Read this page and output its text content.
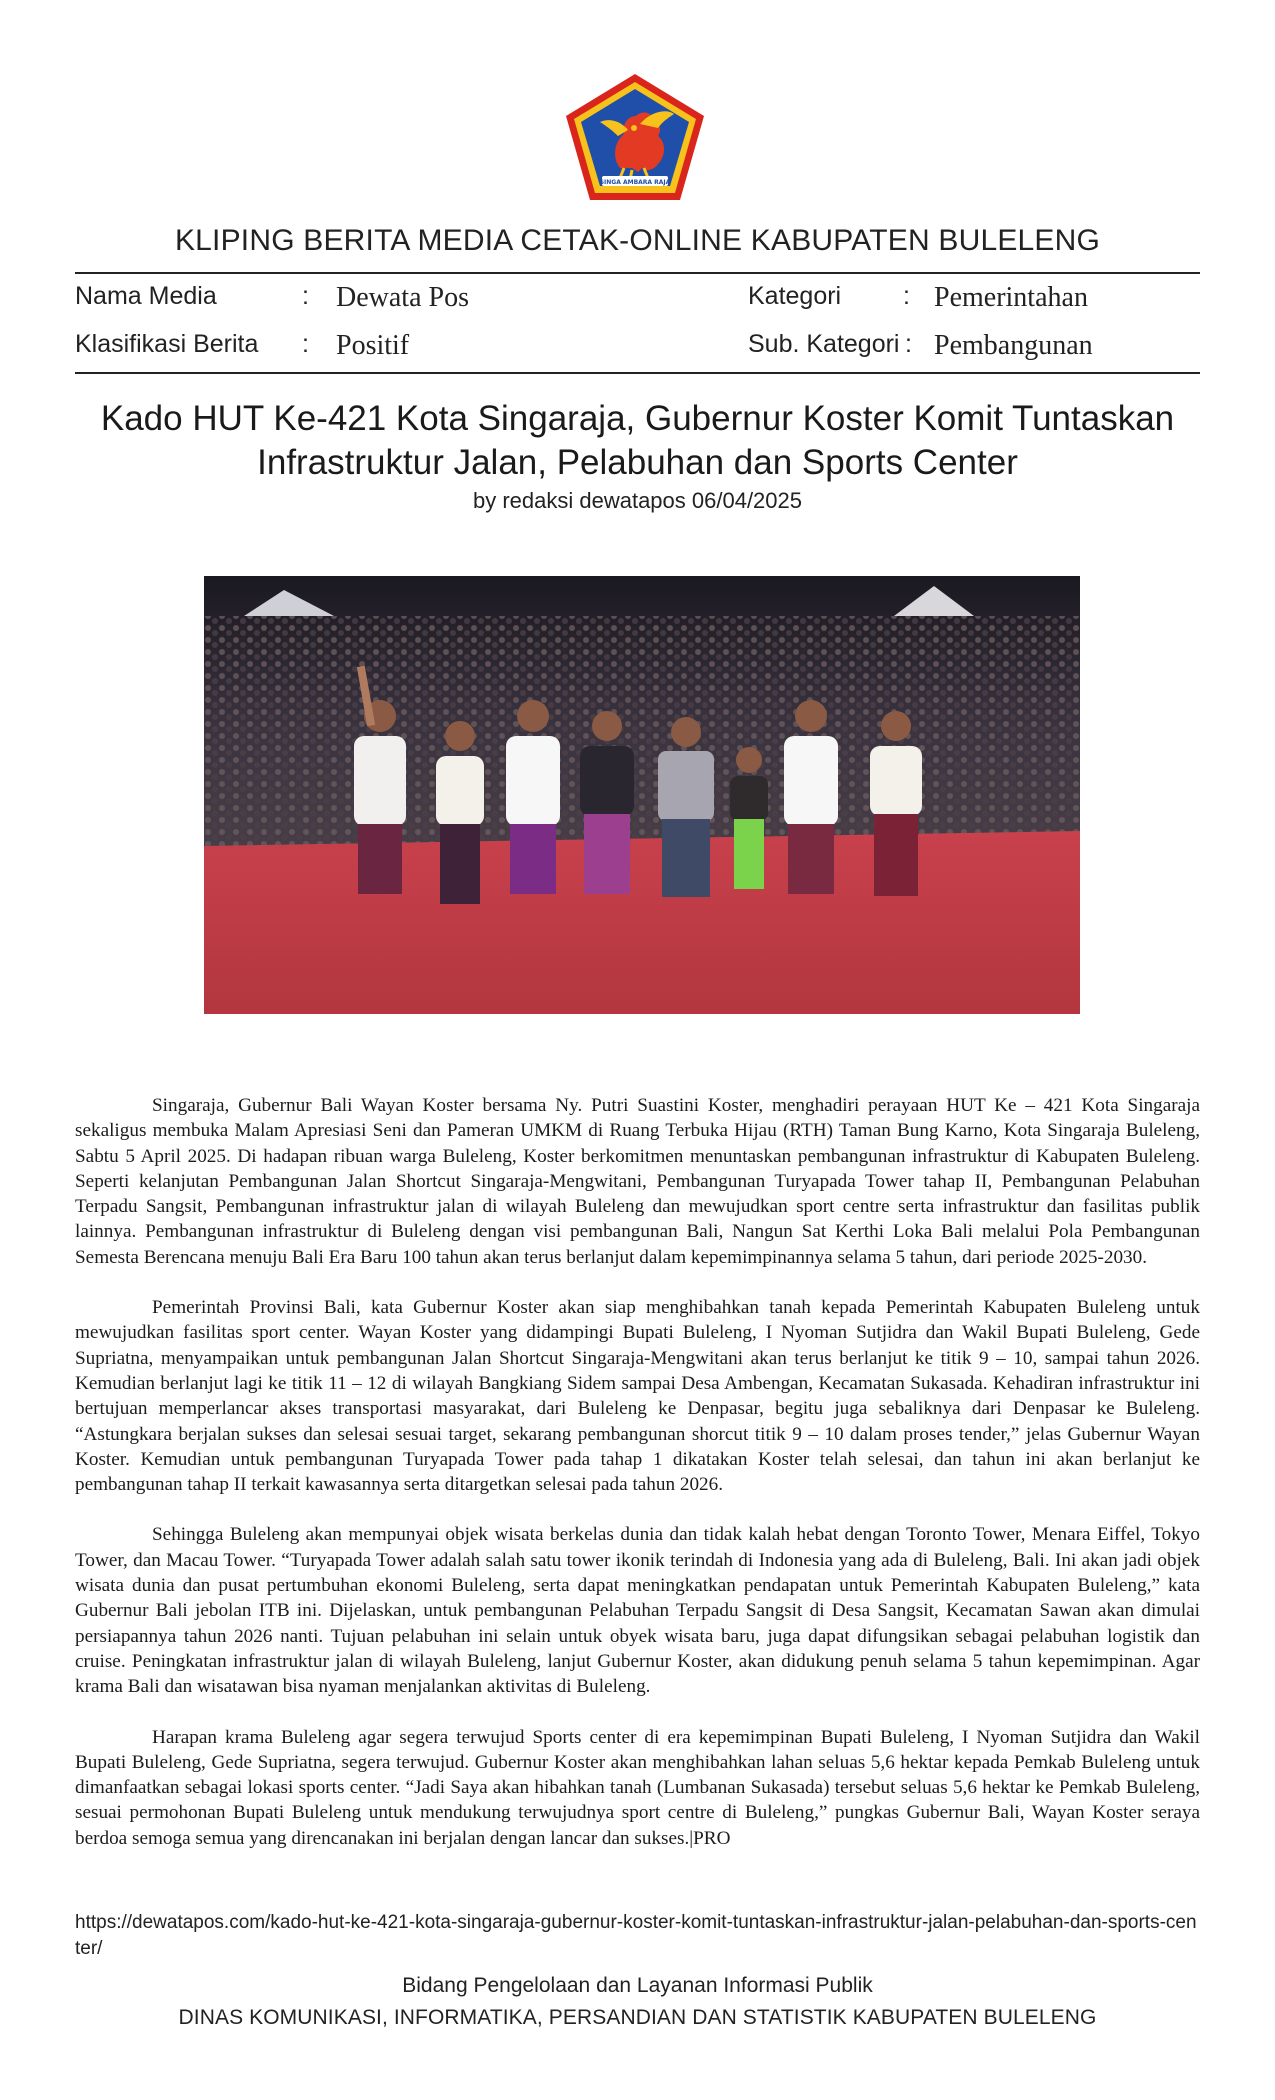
SINGA AMBARA RAJA
KLIPING BERITA MEDIA CETAK-ONLINE KABUPATEN BULELENG
Nama Media	: Dewata Pos
Klasifikasi Berita : Positif
Kategori : Pemerintahan
Sub. Kategori : Pembangunan
Kado HUT Ke-421 Kota Singaraja, Gubernur Koster Komit Tuntaskan
Infrastruktur Jalan, Pelabuhan dan Sports Center
by redaksi dewatapos 06/04/2025

Singaraja, Gubernur Bali Wayan Koster bersama Ny. Putri Suastini Koster, menghadiri perayaan HUT Ke – 421 Kota Singaraja sekaligus membuka Malam Apresiasi Seni dan Pameran UMKM di Ruang Terbuka Hijau (RTH) Taman Bung Karno, Kota Singaraja Buleleng, Sabtu 5 April 2025. Di hadapan ribuan warga Buleleng, Koster berkomitmen menuntaskan pembangunan infrastruktur di Kabupaten Buleleng. Seperti kelanjutan Pembangunan Jalan Shortcut Singaraja-Mengwitani, Pembangunan Turyapada Tower tahap II, Pembangunan Pelabuhan Terpadu Sangsit, Pembangunan infrastruktur jalan di wilayah Buleleng dan mewujudkan sport centre serta infrastruktur dan fasilitas publik lainnya. Pembangunan infrastruktur di Buleleng dengan visi pembangunan Bali, Nangun Sat Kerthi Loka Bali melalui Pola Pembangunan Semesta Berencana menuju Bali Era Baru 100 tahun akan terus berlanjut dalam kepemimpinannya selama 5 tahun, dari periode 2025-2030.

Pemerintah Provinsi Bali, kata Gubernur Koster akan siap menghibahkan tanah kepada Pemerintah Kabupaten Buleleng untuk mewujudkan fasilitas sport center. Wayan Koster yang didampingi Bupati Buleleng, I Nyoman Sutjidra dan Wakil Bupati Buleleng, Gede Supriatna, menyampaikan untuk pembangunan Jalan Shortcut Singaraja-Mengwitani akan terus berlanjut ke titik 9 – 10, sampai tahun 2026. Kemudian berlanjut lagi ke titik 11 – 12 di wilayah Bangkiang Sidem sampai Desa Ambengan, Kecamatan Sukasada. Kehadiran infrastruktur ini bertujuan memperlancar akses transportasi masyarakat, dari Buleleng ke Denpasar, begitu juga sebaliknya dari Denpasar ke Buleleng. “Astungkara berjalan sukses dan selesai sesuai target, sekarang pembangunan shorcut titik 9 – 10 dalam proses tender,” jelas Gubernur Wayan Koster. Kemudian untuk pembangunan Turyapada Tower pada tahap 1 dikatakan Koster telah selesai, dan tahun ini akan berlanjut ke pembangunan tahap II terkait kawasannya serta ditargetkan selesai pada tahun 2026.

Sehingga Buleleng akan mempunyai objek wisata berkelas dunia dan tidak kalah hebat dengan Toronto Tower, Menara Eiffel, Tokyo Tower, dan Macau Tower. “Turyapada Tower adalah salah satu tower ikonik terindah di Indonesia yang ada di Buleleng, Bali. Ini akan jadi objek wisata dunia dan pusat pertumbuhan ekonomi Buleleng, serta dapat meningkatkan pendapatan untuk Pemerintah Kabupaten Buleleng,” kata Gubernur Bali jebolan ITB ini. Dijelaskan, untuk pembangunan Pelabuhan Terpadu Sangsit di Desa Sangsit, Kecamatan Sawan akan dimulai persiapannya tahun 2026 nanti. Tujuan pelabuhan ini selain untuk obyek wisata baru, juga dapat difungsikan sebagai pelabuhan logistik dan cruise. Peningkatan infrastruktur jalan di wilayah Buleleng, lanjut Gubernur Koster, akan didukung penuh selama 5 tahun kepemimpinan. Agar krama Bali dan wisatawan bisa nyaman menjalankan aktivitas di Buleleng.

Harapan krama Buleleng agar segera terwujud Sports center di era kepemimpinan Bupati Buleleng, I Nyoman Sutjidra dan Wakil Bupati Buleleng, Gede Supriatna, segera terwujud. Gubernur Koster akan menghibahkan lahan seluas 5,6 hektar kepada Pemkab Buleleng untuk dimanfaatkan sebagai lokasi sports center. “Jadi Saya akan hibahkan tanah (Lumbanan Sukasada) tersebut seluas 5,6 hektar ke Pemkab Buleleng, sesuai permohonan Bupati Buleleng untuk mendukung terwujudnya sport centre di Buleleng,” pungkas Gubernur Bali, Wayan Koster seraya berdoa semoga semua yang direncanakan ini berjalan dengan lancar dan sukses.|PRO

https://dewatapos.com/kado-hut-ke-421-kota-singaraja-gubernur-koster-komit-tuntaskan-infrastruktur-jalan-pelabuhan-dan-sports-center/
Bidang Pengelolaan dan Layanan Informasi Publik
DINAS KOMUNIKASI, INFORMATIKA, PERSANDIAN DAN STATISTIK KABUPATEN BULELENG
